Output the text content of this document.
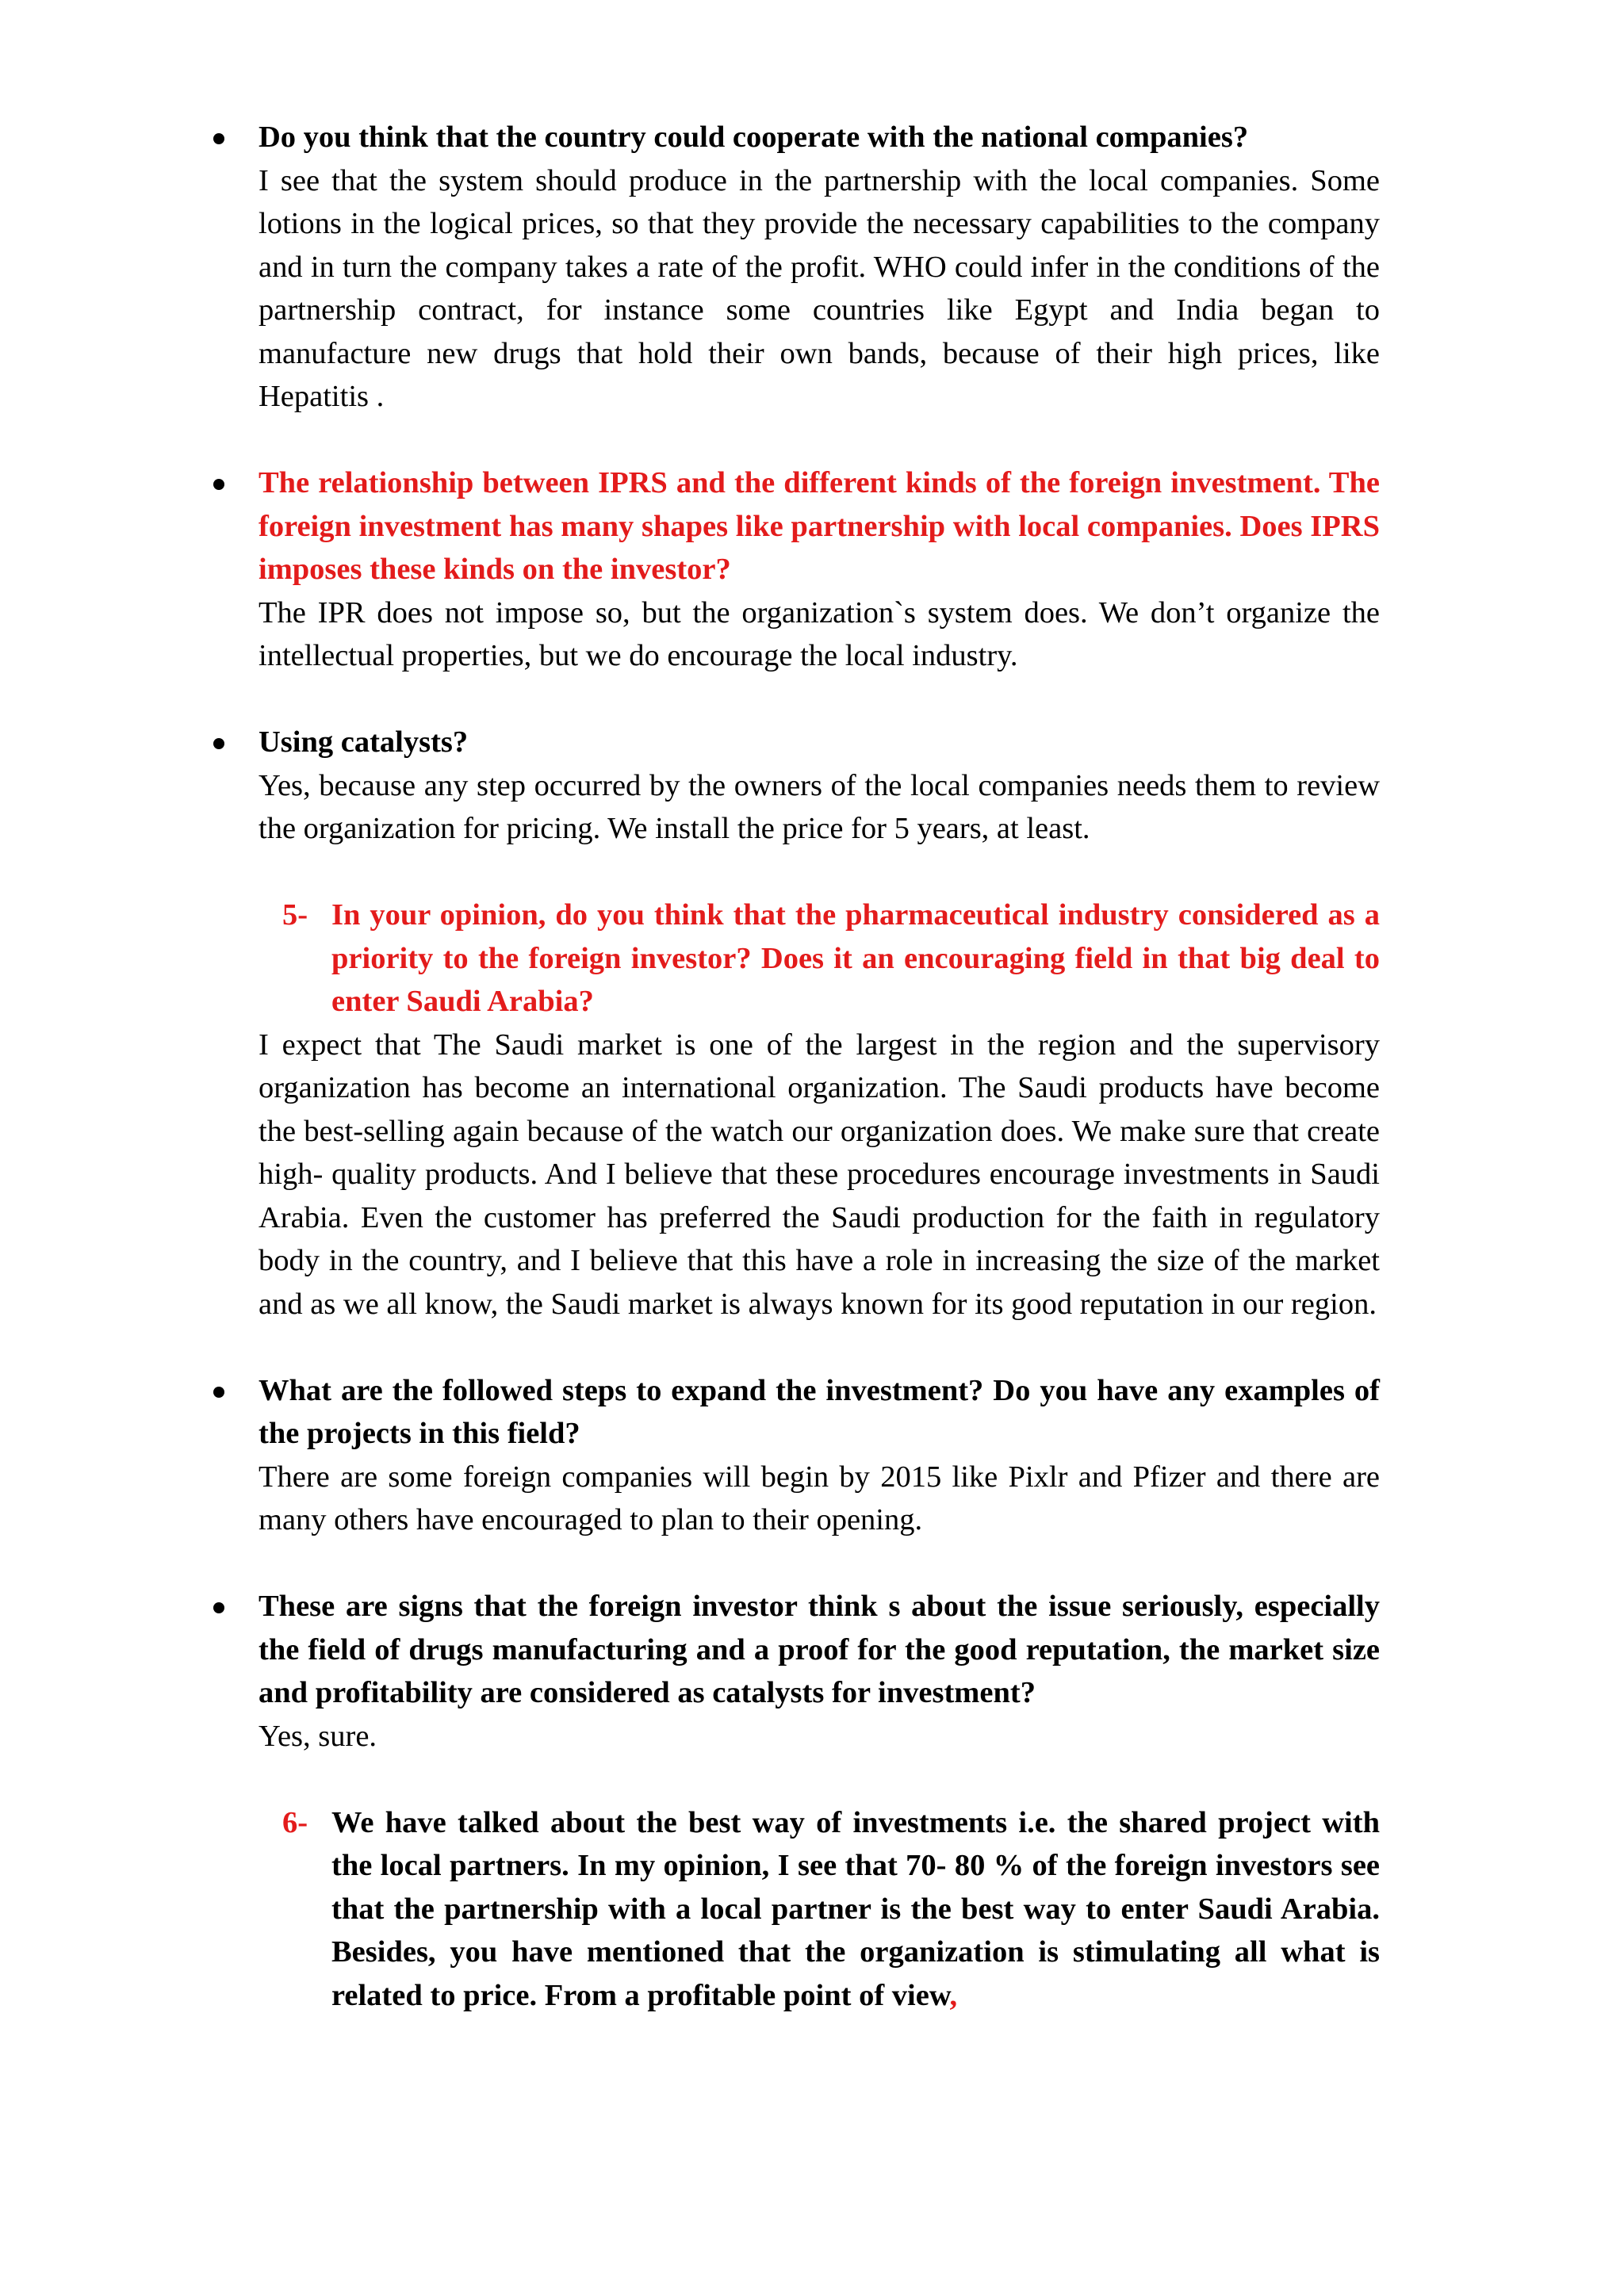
Do you think that the country could cooperate with the national companies?
I see that the system should produce in the partnership with the local companies. Some lotions in the logical prices, so that they provide the necessary capabilities to the company and in turn the company takes a rate of the profit. WHO could infer in the conditions of the partnership contract, for instance some countries like Egypt and India began to manufacture new drugs that hold their own bands, because of their high prices, like Hepatitis .
The relationship between IPRS and the different kinds of the foreign investment. The foreign investment has many shapes like partnership with local companies. Does IPRS imposes these kinds on the investor?
The IPR does not impose so, but the organization`s system does. We don’t organize the intellectual properties, but we do encourage the local industry.
Using catalysts?
Yes, because any step occurred by the owners of the local companies needs them to review the organization for pricing. We install the price for 5 years, at least.
5- In your opinion, do you think that the pharmaceutical industry considered as a priority to the foreign investor? Does it an encouraging field in that big deal to enter Saudi Arabia?
I expect that The Saudi market is one of the largest in the region and the supervisory organization has become an international organization. The Saudi products have become the best-selling again because of the watch our organization does. We make sure that create high- quality products. And I believe that these procedures encourage investments in Saudi Arabia. Even the customer has preferred the Saudi production for the faith in regulatory body in the country, and I believe that this have a role in increasing the size of the market and as we all know, the Saudi market is always known for its good reputation in our region.
What are the followed steps to expand the investment? Do you have any examples of the projects in this field?
There are some foreign companies will begin by 2015 like Pixlr and Pfizer and there are many others have encouraged to plan to their opening.
These are signs that the foreign investor think s about the issue seriously, especially the field of drugs manufacturing and a proof for the good reputation, the market size and profitability are considered as catalysts for investment?
Yes, sure.
6- We have talked about the best way of investments i.e. the shared project with the local partners. In my opinion, I see that 70- 80 % of the foreign investors see that the partnership with a local partner is the best way to enter Saudi Arabia. Besides, you have mentioned that the organization is stimulating all what is related to price. From a profitable point of view,
